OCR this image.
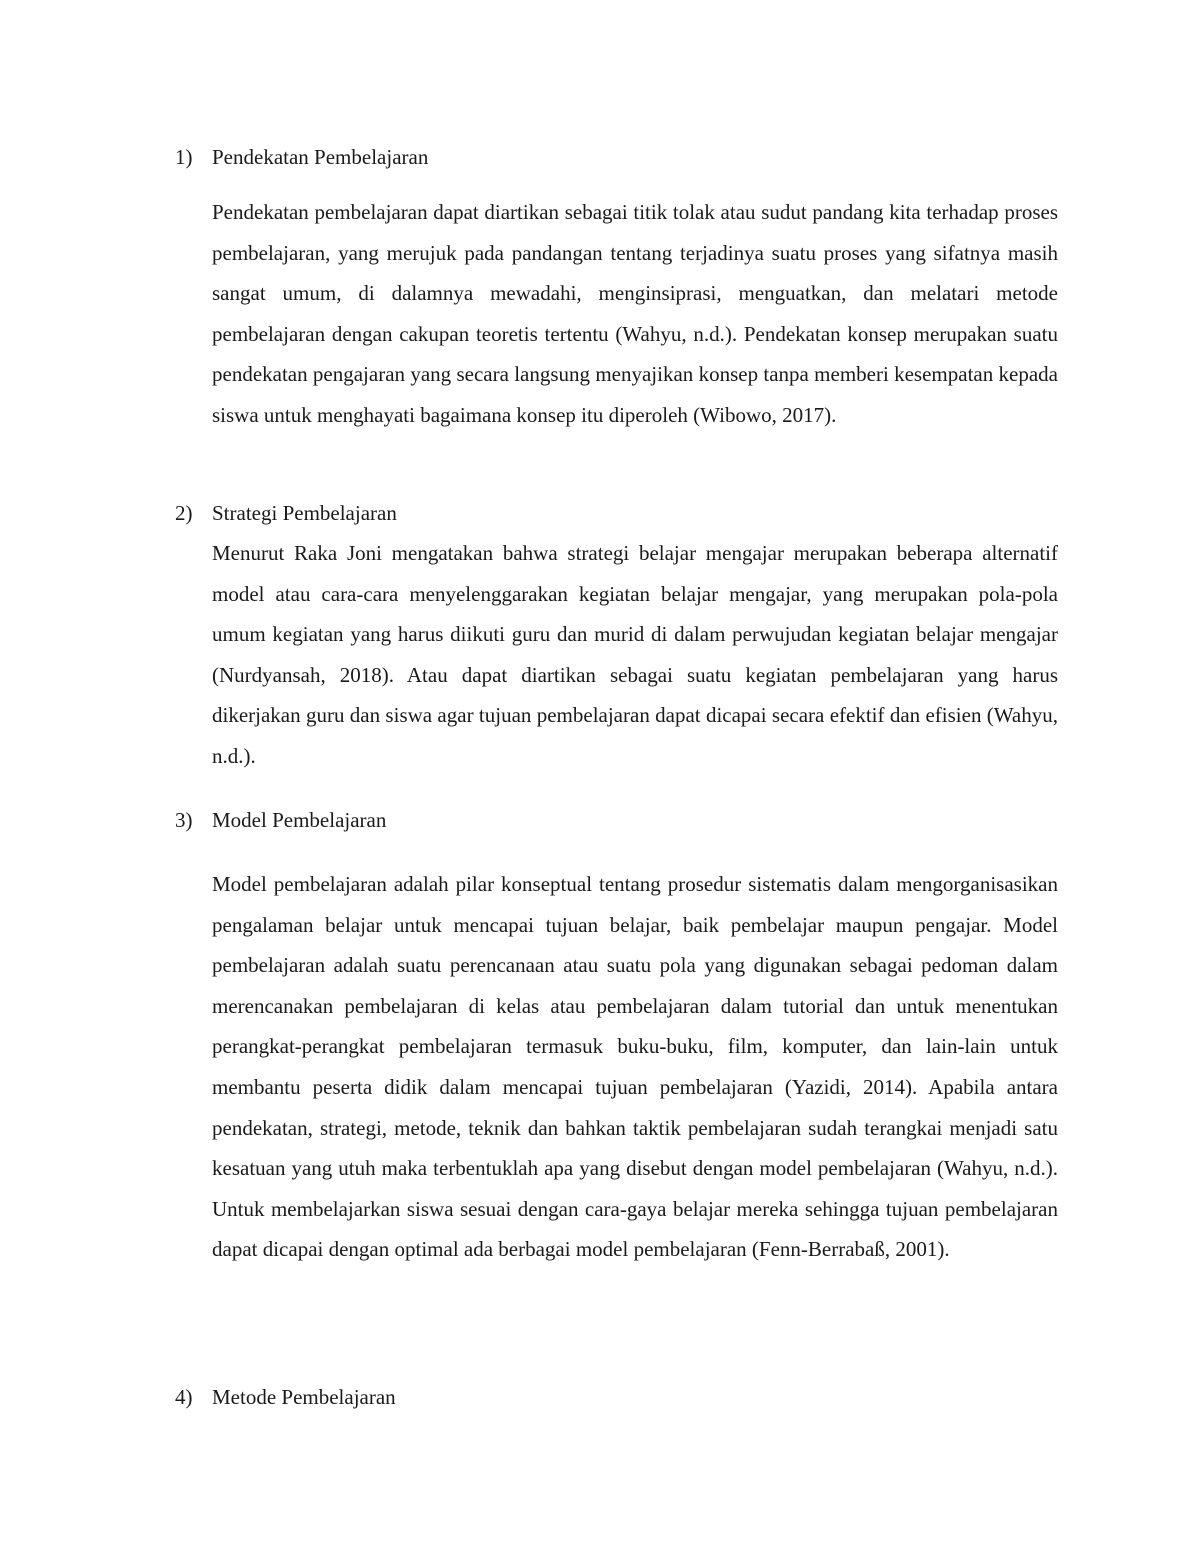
1) Pendekatan Pembelajaran

Pendekatan pembelajaran dapat diartikan sebagai titik tolak atau sudut pandang kita terhadap proses pembelajaran, yang merujuk pada pandangan tentang terjadinya suatu proses yang sifatnya masih sangat umum, di dalamnya mewadahi, menginsiprasi, menguatkan, dan melatari metode pembelajaran dengan cakupan teoretis tertentu (Wahyu, n.d.). Pendekatan konsep merupakan suatu pendekatan pengajaran yang secara langsung menyajikan konsep tanpa memberi kesempatan kepada siswa untuk menghayati bagaimana konsep itu diperoleh (Wibowo, 2017).

2) Strategi Pembelajaran

Menurut Raka Joni mengatakan bahwa strategi belajar mengajar merupakan beberapa alternatif model atau cara-cara menyelenggarakan kegiatan belajar mengajar, yang merupakan pola-pola umum kegiatan yang harus diikuti guru dan murid di dalam perwujudan kegiatan belajar mengajar (Nurdyansah, 2018). Atau dapat diartikan sebagai suatu kegiatan pembelajaran yang harus dikerjakan guru dan siswa agar tujuan pembelajaran dapat dicapai secara efektif dan efisien (Wahyu, n.d.).

3) Model Pembelajaran

Model pembelajaran adalah pilar konseptual tentang prosedur sistematis dalam mengorganisasikan pengalaman belajar untuk mencapai tujuan belajar, baik pembelajar maupun pengajar. Model pembelajaran adalah suatu perencanaan atau suatu pola yang digunakan sebagai pedoman dalam merencanakan pembelajaran di kelas atau pembelajaran dalam tutorial dan untuk menentukan perangkat-perangkat pembelajaran termasuk buku-buku, film, komputer, dan lain-lain untuk membantu peserta didik dalam mencapai tujuan pembelajaran (Yazidi, 2014). Apabila antara pendekatan, strategi, metode, teknik dan bahkan taktik pembelajaran sudah terangkai menjadi satu kesatuan yang utuh maka terbentuklah apa yang disebut dengan model pembelajaran (Wahyu, n.d.). Untuk membelajarkan siswa sesuai dengan cara-gaya belajar mereka sehingga tujuan pembelajaran dapat dicapai dengan optimal ada berbagai model pembelajaran (Fenn-Berrabaß, 2001).

4) Metode Pembelajaran
